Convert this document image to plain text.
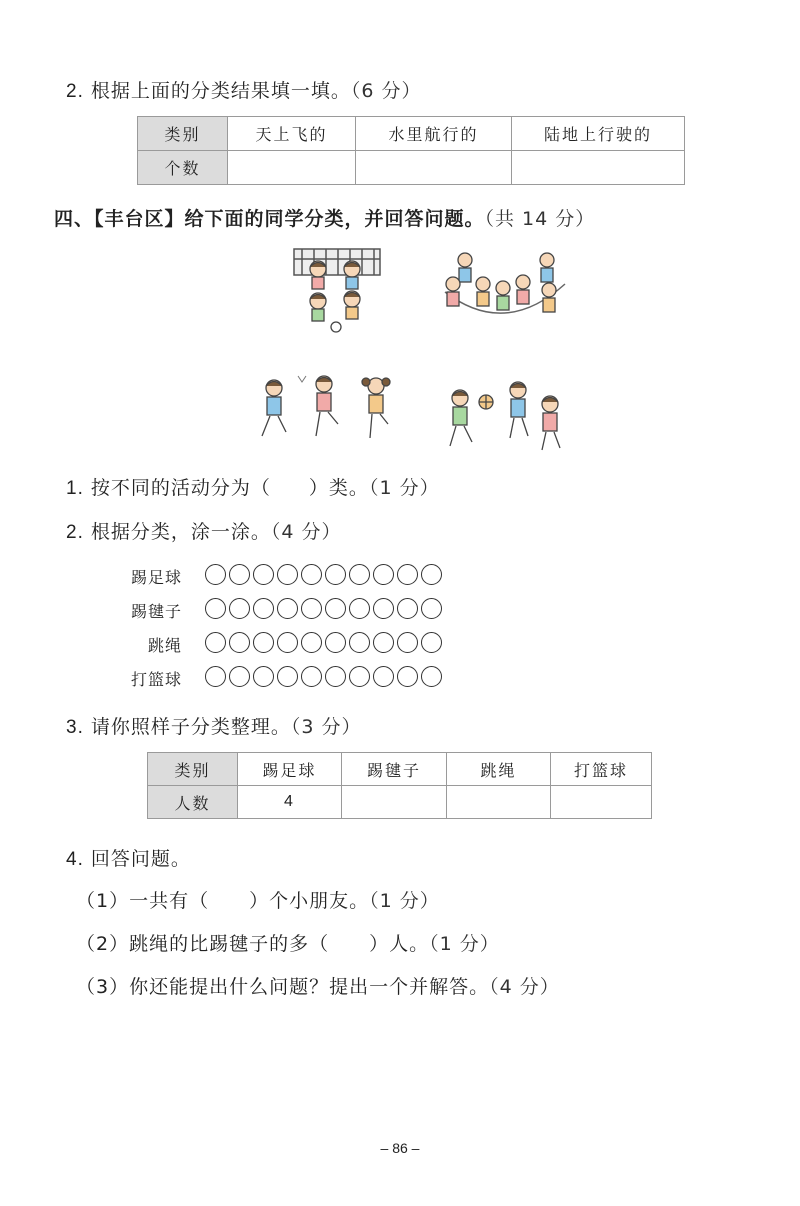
2. 根据上面的分类结果填一填。（6 分）
类别	天上飞的	水里航行的	陆地上行驶的
个数			
四、【丰台区】给下面的同学分类，并回答问题。（共 14 分）
1. 按不同的活动分为（ ）类。（1 分）
2. 根据分类，涂一涂。（4 分）
踢足球
踢毽子
跳绳
打篮球
3. 请你照样子分类整理。（3 分）
类别	踢足球	踢毽子	跳绳	打篮球
人数	4			
4. 回答问题。
（1）一共有（ ）个小朋友。（1 分）
（2）跳绳的比踢毽子的多（ ）人。（1 分）
（3）你还能提出什么问题？提出一个并解答。（4 分）
– 86 –
